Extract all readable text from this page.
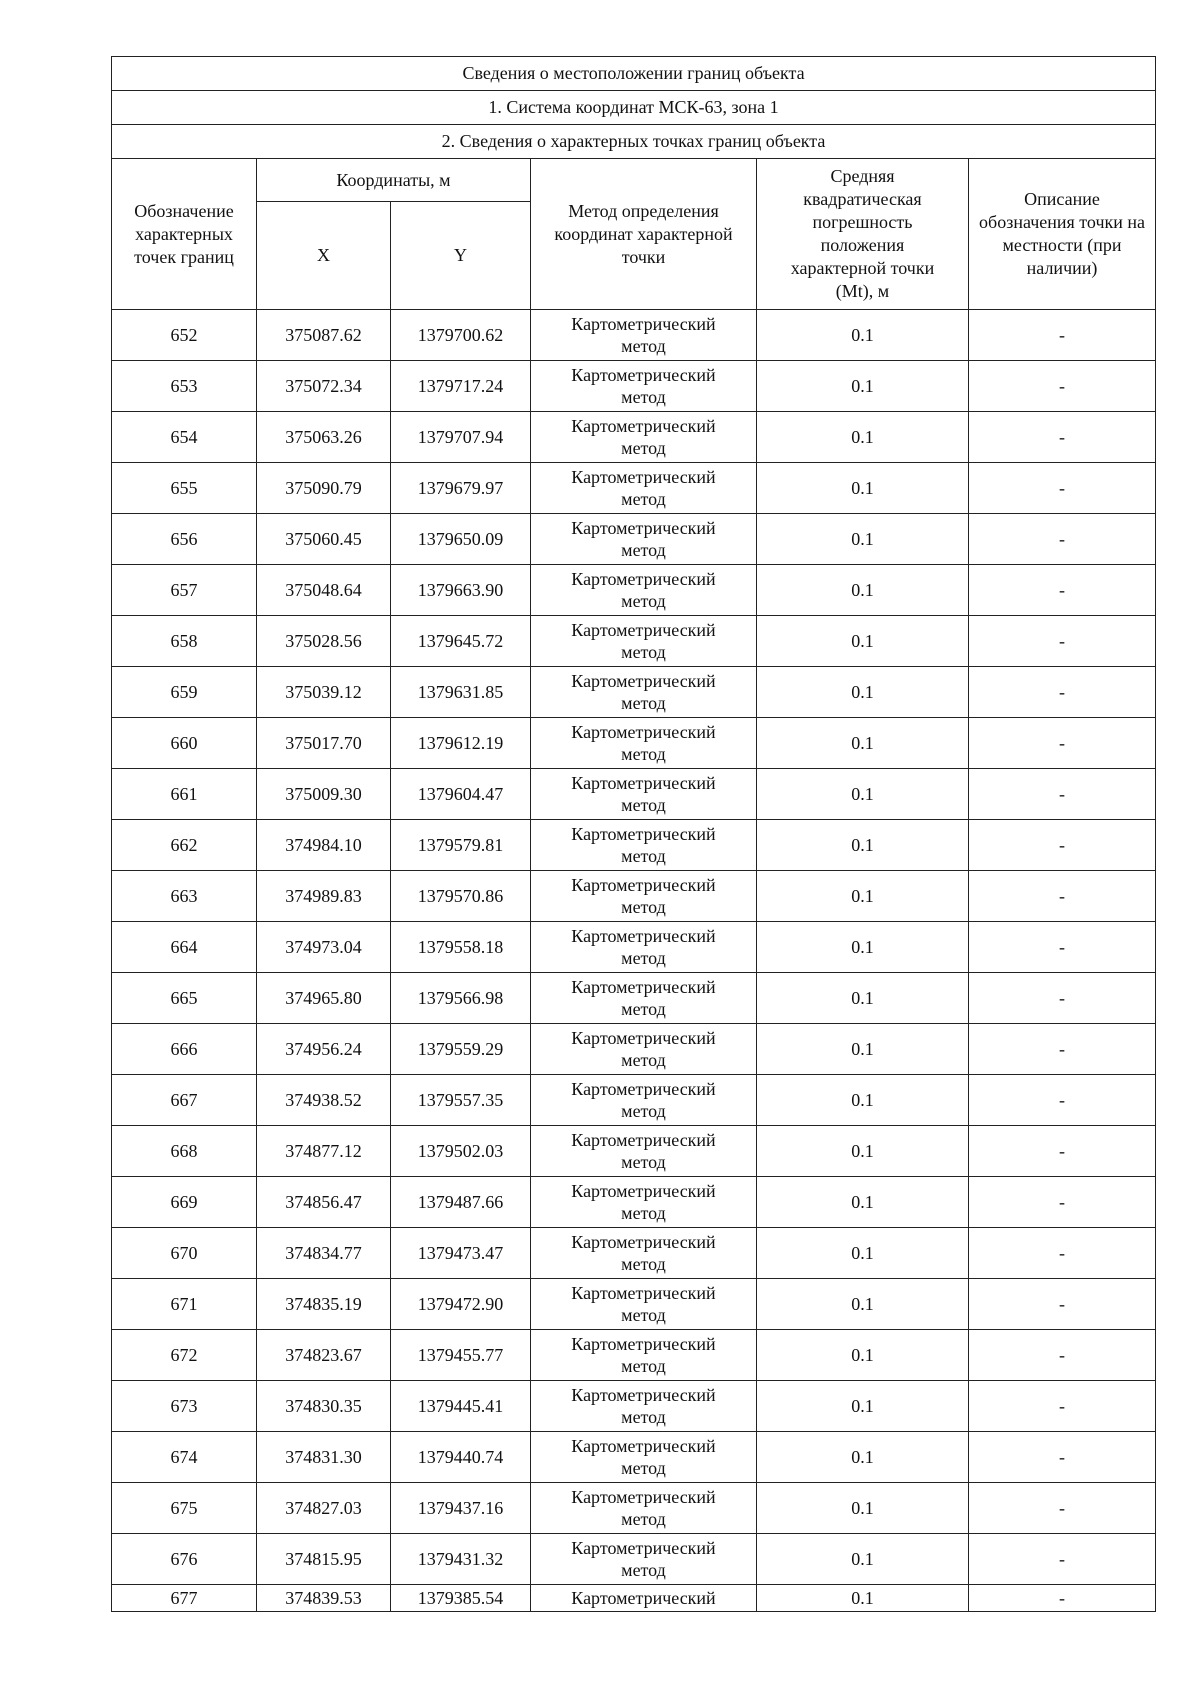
Сведения о местоположении границ объекта					
1. Система координат МСК-63, зона 1					
2. Сведения о характерных точках границ объекта					
Обозначение характерных точек границ	Координаты, м		Метод определения координат характерной точки	Средняя квадратическая погрешность положения характерной точки (Mt), м	Описание обозначения точки на местности (при наличии)
	X	Y			
652	375087.62	1379700.62	Картометрический метод	0.1	-
653	375072.34	1379717.24	Картометрический метод	0.1	-
654	375063.26	1379707.94	Картометрический метод	0.1	-
655	375090.79	1379679.97	Картометрический метод	0.1	-
656	375060.45	1379650.09	Картометрический метод	0.1	-
657	375048.64	1379663.90	Картометрический метод	0.1	-
658	375028.56	1379645.72	Картометрический метод	0.1	-
659	375039.12	1379631.85	Картометрический метод	0.1	-
660	375017.70	1379612.19	Картометрический метод	0.1	-
661	375009.30	1379604.47	Картометрический метод	0.1	-
662	374984.10	1379579.81	Картометрический метод	0.1	-
663	374989.83	1379570.86	Картометрический метод	0.1	-
664	374973.04	1379558.18	Картометрический метод	0.1	-
665	374965.80	1379566.98	Картометрический метод	0.1	-
666	374956.24	1379559.29	Картометрический метод	0.1	-
667	374938.52	1379557.35	Картометрический метод	0.1	-
668	374877.12	1379502.03	Картометрический метод	0.1	-
669	374856.47	1379487.66	Картометрический метод	0.1	-
670	374834.77	1379473.47	Картометрический метод	0.1	-
671	374835.19	1379472.90	Картометрический метод	0.1	-
672	374823.67	1379455.77	Картометрический метод	0.1	-
673	374830.35	1379445.41	Картометрический метод	0.1	-
674	374831.30	1379440.74	Картометрический метод	0.1	-
675	374827.03	1379437.16	Картометрический метод	0.1	-
676	374815.95	1379431.32	Картометрический метод	0.1	-
677	374839.53	1379385.54	Картометрический	0.1	-
